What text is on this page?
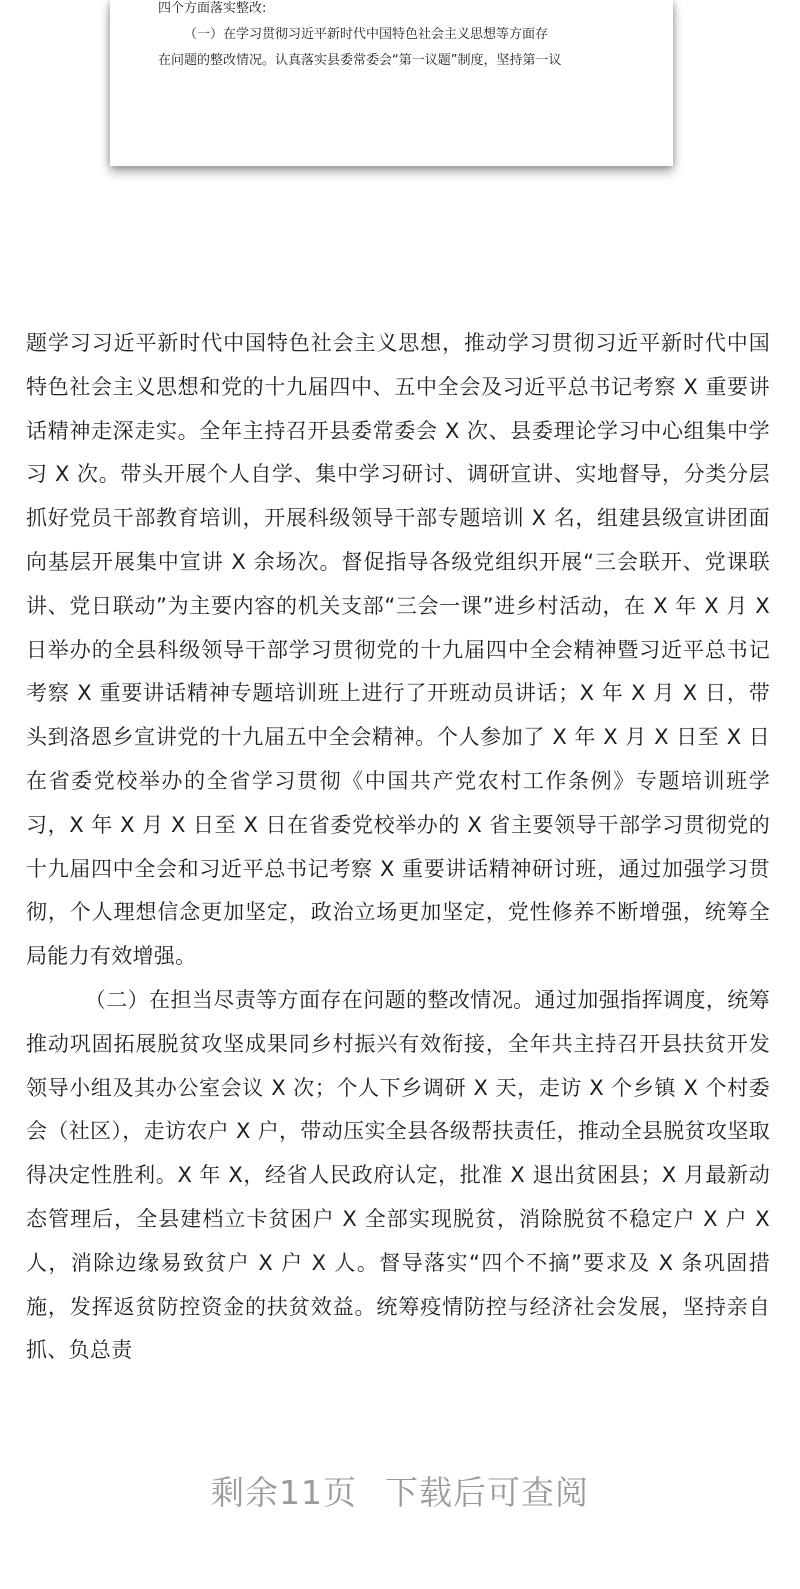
四个方面落实整改:

（一）在学习贯彻习近平新时代中国特色社会主义思想等方面存

在问题的整改情况。认真落实县委常委会“第一议题”制度，坚持第一议

题学习习近平新时代中国特色社会主义思想，推动学习贯彻习近平新时代中国特色社会主义思想和党的十九届四中、五中全会及习近平总书记考察 X 重要讲话精神走深走实。全年主持召开县委常委会 X 次、县委理论学习中心组集中学习 X 次。带头开展个人自学、集中学习研讨、调研宣讲、实地督导，分类分层抓好党员干部教育培训，开展科级领导干部专题培训 X 名，组建县级宣讲团面向基层开展集中宣讲 X 余场次。督促指导各级党组织开展“三会联开、党课联讲、党日联动”为主要内容的机关支部“三会一课”进乡村活动，在 X 年 X 月 X 日举办的全县科级领导干部学习贯彻党的十九届四中全会精神暨习近平总书记考察 X 重要讲话精神专题培训班上进行了开班动员讲话；X 年 X 月 X 日，带头到洛恩乡宣讲党的十九届五中全会精神。个人参加了 X 年 X 月 X 日至 X 日在省委党校举办的全省学习贯彻《中国共产党农村工作条例》专题培训班学习，X 年 X 月 X 日至 X 日在省委党校举办的 X 省主要领导干部学习贯彻党的十九届四中全会和习近平总书记考察 X 重要讲话精神研讨班，通过加强学习贯彻，个人理想信念更加坚定，政治立场更加坚定，党性修养不断增强，统筹全局能力有效增强。

（二）在担当尽责等方面存在问题的整改情况。通过加强指挥调度，统筹推动巩固拓展脱贫攻坚成果同乡村振兴有效衔接，全年共主持召开县扶贫开发领导小组及其办公室会议 X 次；个人下乡调研 X 天，走访 X 个乡镇 X 个村委会（社区），走访农户 X 户，带动压实全县各级帮扶责任，推动全县脱贫攻坚取得决定性胜利。X 年 X，经省人民政府认定，批准 X 退出贫困县；X 月最新动态管理后，全县建档立卡贫困户 X 全部实现脱贫，消除脱贫不稳定户 X 户 X 人，消除边缘易致贫户 X 户 X 人。督导落实“四个不摘”要求及 X 条巩固措施，发挥返贫防控资金的扶贫效益。统筹疫情防控与经济社会发展，坚持亲自抓、负总责

剩余11页 下载后可查阅
